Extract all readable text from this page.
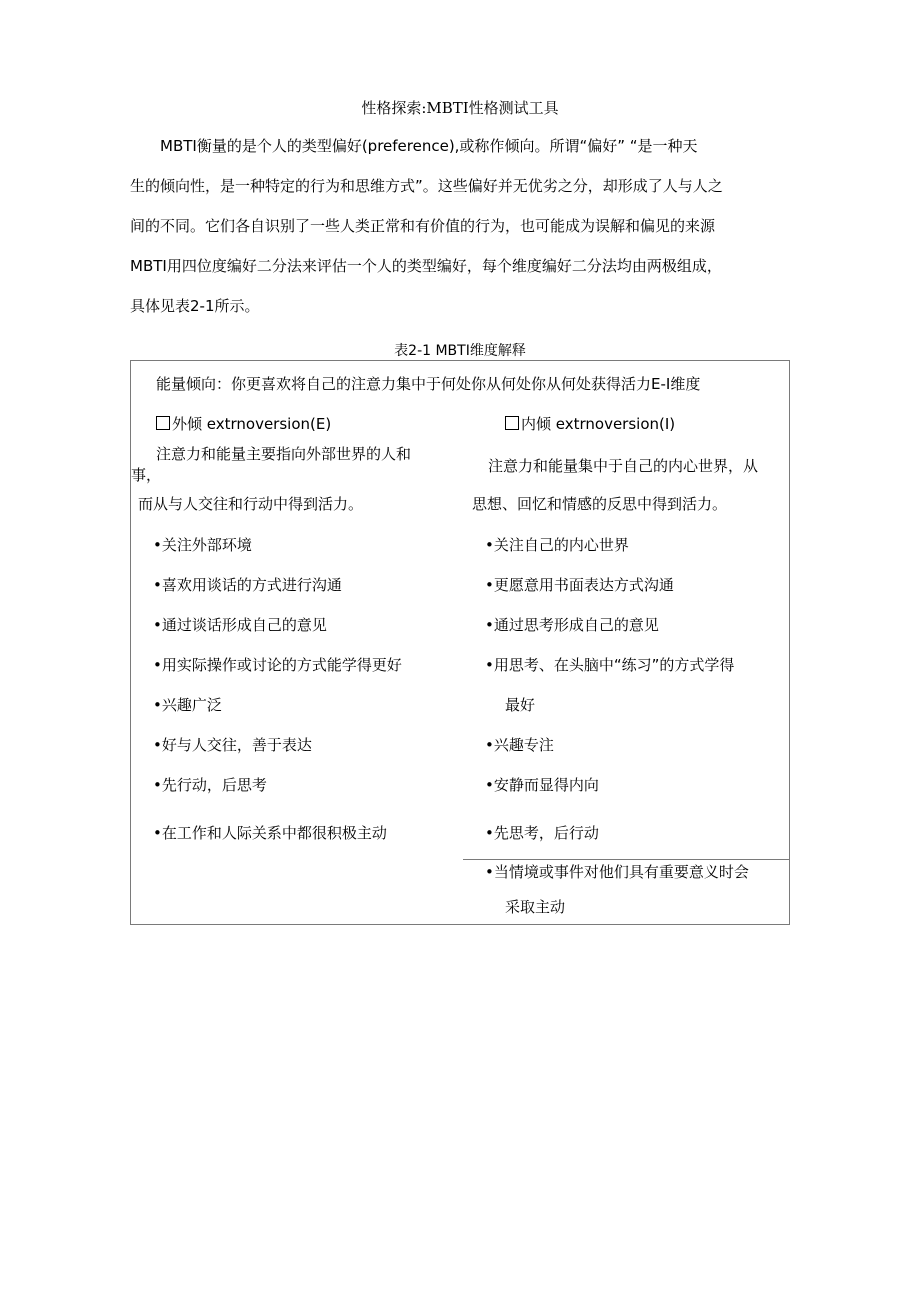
性格探索:MBTI性格测试工具
MBTI衡量的是个人的类型偏好(preference),或称作倾向。所谓“偏好” “是一种天
生的倾向性，是一种特定的行为和思维方式”。这些偏好并无优劣之分，却形成了人与人之
间的不同。它们各自识别了一些人类正常和有价值的行为，也可能成为误解和偏见的来源
MBTI用四位度编好二分法来评估一个人的类型编好，每个维度编好二分法均由两极组成，
具体见表2-1所示。
表2-1 MBTI维度解释
能量倾向：你更喜欢将自己的注意力集中于何处你从何处你从何处获得活力E-I维度
外倾 extrnoversion(E)	内倾 extrnoversion(I)
注意力和能量主要指向外部世界的人和
事，
而从与人交往和行动中得到活力。
注意力和能量集中于自己的内心世界，从
思想、回忆和情感的反思中得到活力。
•关注外部环境
•喜欢用谈话的方式进行沟通
•通过谈话形成自己的意见
•用实际操作或讨论的方式能学得更好
•兴趣广泛
•好与人交往，善于表达
•先行动，后思考
•在工作和人际关系中都很积极主动
•关注自己的内心世界
•更愿意用书面表达方式沟通
•通过思考形成自己的意见
•用思考、在头脑中“练习”的方式学得
最好
•兴趣专注
•安静而显得内向
•先思考，后行动
•当情境或事件对他们具有重要意义时会
采取主动
